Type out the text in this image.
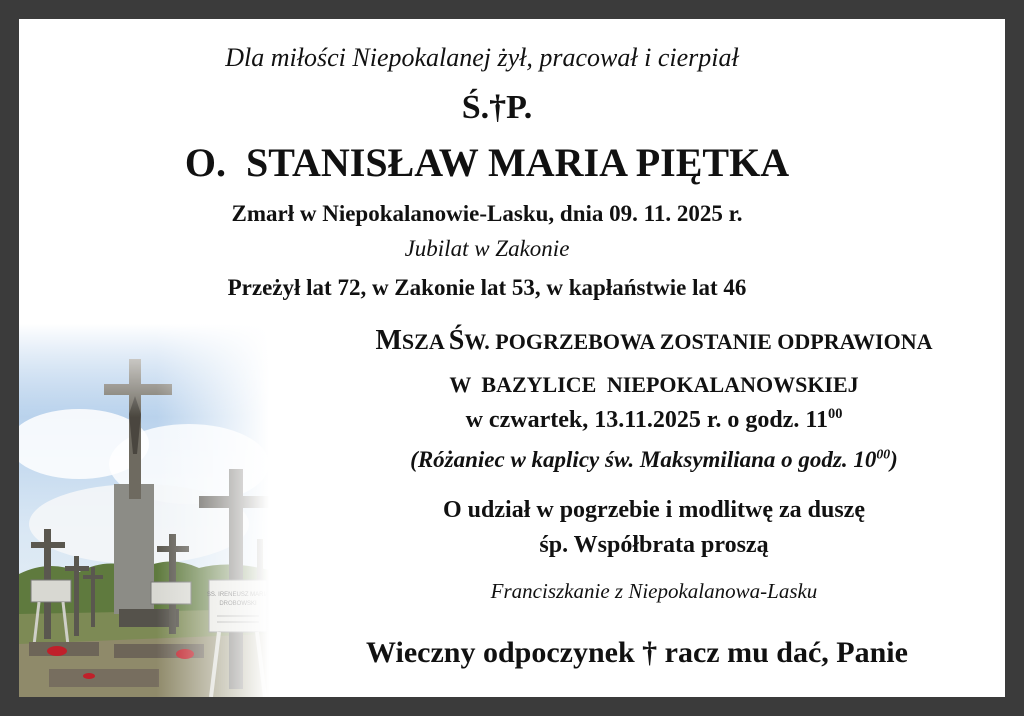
Dla miłości Niepokalanej żył, pracował i cierpiał
Ś.†P.
O. STANISŁAW MARIA PIĘTKA
Zmarł w Niepokalanowie-Lasku, dnia 09. 11. 2025 r.
Jubilat w Zakonie
Przeżył lat 72, w Zakonie lat 53, w kapłaństwie lat 46
MSZA ŚW. POGRZEBOWA ZOSTANIE ODPRAWIONA
W BAZYLICE NIEPOKALANOWSKIEJ
w czwartek, 13.11.2025 r. o godz. $11^{00}$
(Różaniec w kaplicy św. Maksymiliana o godz. $10^{00}$)
O udział w pogrzebie i modlitwę za duszę
śp. Współbrata proszą
Franciszkanie z Niepokalanowa-Lasku
Wieczny odpoczynek † racz mu dać, Panie
